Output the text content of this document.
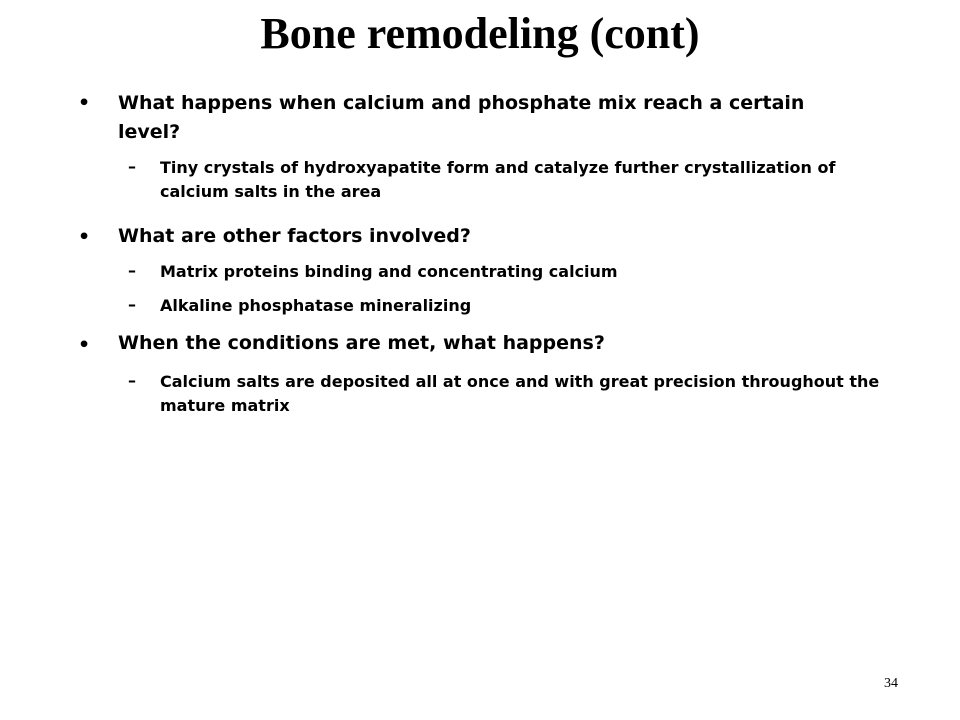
Bone remodeling (cont)
• What happens when calcium and phosphate mix reach a certain level?
– Tiny crystals of hydroxyapatite form and catalyze further crystallization of calcium salts in the area
• What are other factors involved?
– Matrix proteins binding and concentrating calcium
– Alkaline phosphatase mineralizing
• When the conditions are met, what happens?
– Calcium salts are deposited all at once and with great precision throughout the mature matrix
34
